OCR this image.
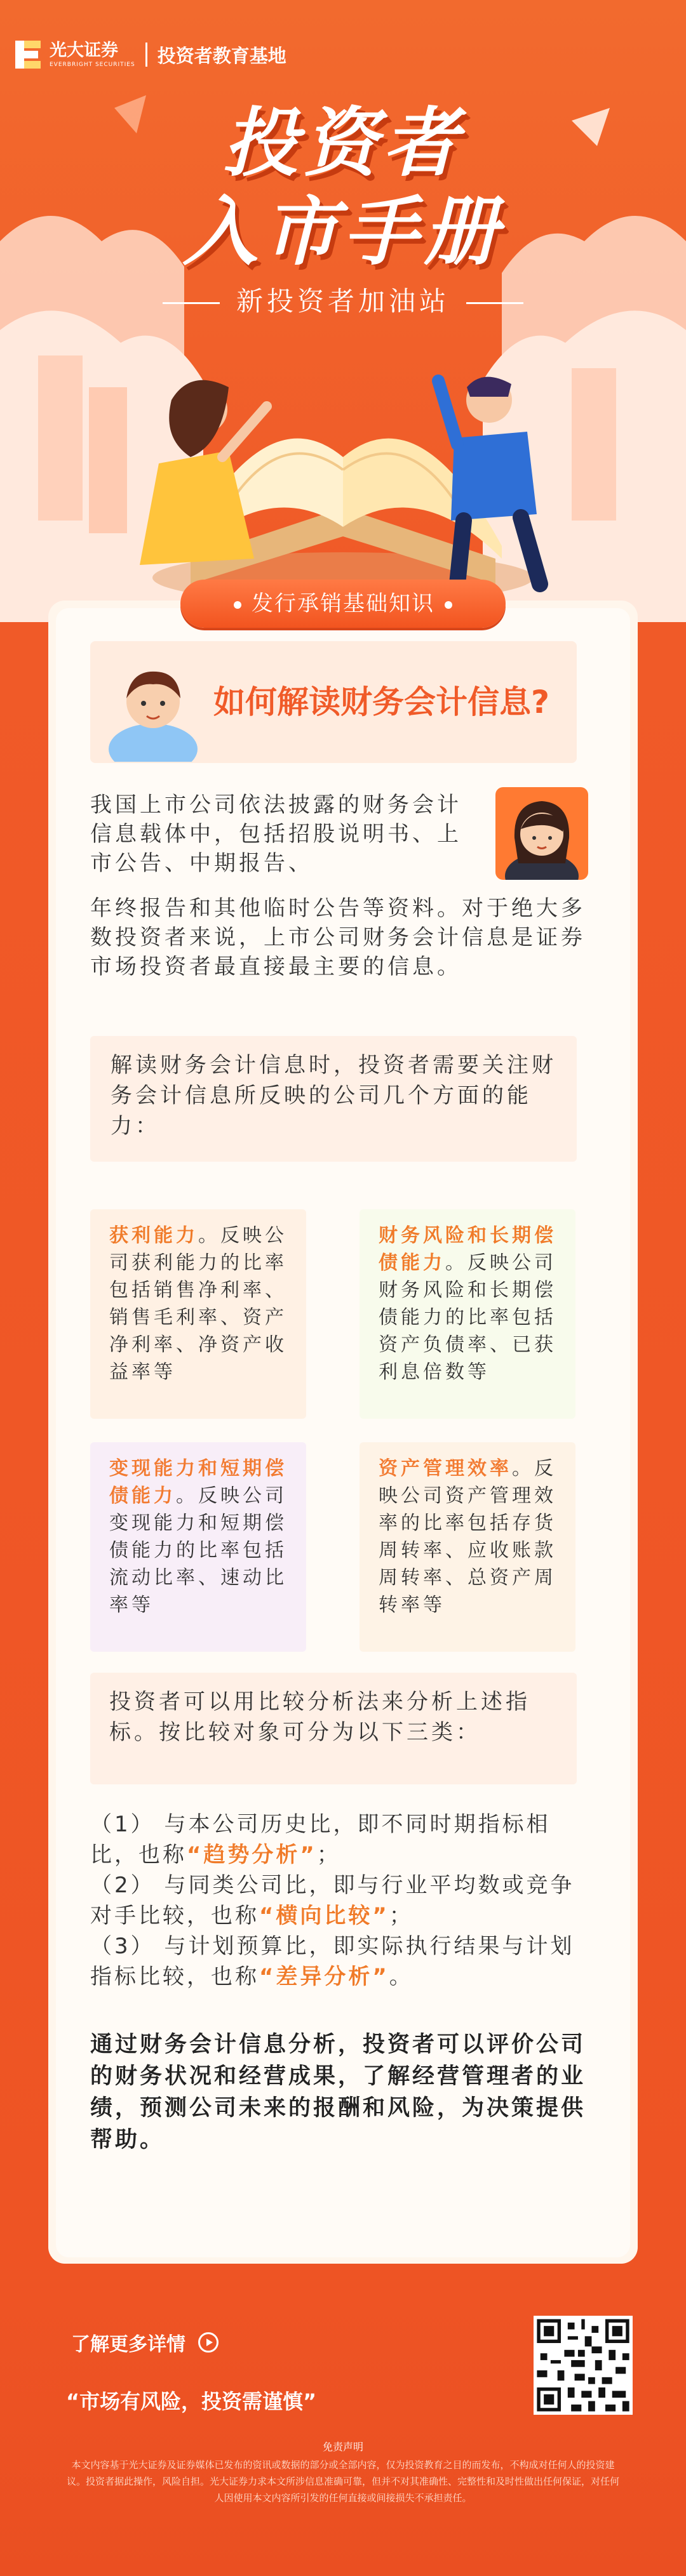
光大证券
EVERBRIGHT SECURITIES 投资者教育基地
投资者
入市手册
新投资者加油站
发行承销基础知识
如何解读财务会计信息?
我国上市公司依法披露的财务会计信息载体中，包括招股说明书、上市公告、中期报告、
年终报告和其他临时公告等资料。对于绝大多数投资者来说，上市公司财务会计信息是证券市场投资者最直接最主要的信息。
解读财务会计信息时，投资者需要关注财务会计信息所反映的公司几个方面的能力：
获利能力。反映公司获利能力的比率包括销售净利率、销售毛利率、资产净利率、净资产收益率等
财务风险和长期偿债能力。反映公司财务风险和长期偿债能力的比率包括资产负债率、已获利息倍数等
变现能力和短期偿债能力。反映公司变现能力和短期偿债能力的比率包括流动比率、速动比率等
资产管理效率。反映公司资产管理效率的比率包括存货周转率、应收账款周转率、总资产周转率等
投资者可以用比较分析法来分析上述指标。按比较对象可分为以下三类：
（1） 与本公司历史比，即不同时期指标相比，也称“趋势分析”；
（2） 与同类公司比，即与行业平均数或竞争对手比较，也称“横向比较”；
（3） 与计划预算比，即实际执行结果与计划指标比较，也称“差异分析”。
通过财务会计信息分析，投资者可以评价公司的财务状况和经营成果，了解经营管理者的业绩，预测公司未来的报酬和风险，为决策提供帮助。
了解更多详情
“市场有风险，投资需谨慎”
免责声明
本文内容基于光大证券及证券媒体已发布的资讯或数据的部分或全部内容，仅为投资教育之目的而发布，不构成对任何人的投资建议。投资者据此操作，风险自担。光大证券力求本文所涉信息准确可靠，但并不对其准确性、完整性和及时性做出任何保证，对任何人因使用本文内容所引发的任何直接或间接损失不承担责任。
